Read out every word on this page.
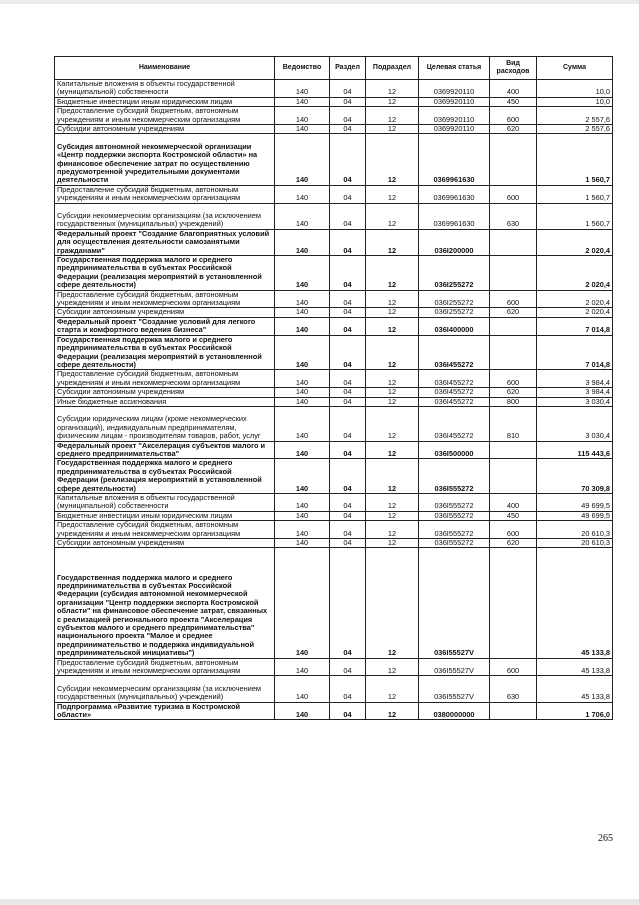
Наименование	Ведомство	Раздел	Подраздел	Целевая статья	Вид расходов	Сумма
Капитальные вложения в объекты государственной (муниципальной) собственности	140	04	12	0369920110	400	10,0
Бюджетные инвестиции иным юридическим лицам	140	04	12	0369920110	450	10,0
Предоставление субсидий бюджетным, автономным учреждениям и иным некоммерческим организациям	140	04	12	0369920110	600	2 557,6
Субсидии автономным учреждениям	140	04	12	0369920110	620	2 557,6
Субсидия автономной некоммерческой организации «Центр поддержки экспорта Костромской области» на финансовое обеспечение затрат по осуществлению предусмотренной учредительными документами деятельности	140	04	12	0369961630		1 560,7
Предоставление субсидий бюджетным, автономным учреждениям и иным некоммерческим организациям	140	04	12	0369961630	600	1 560,7
Субсидии некоммерческим организациям (за исключением государственных (муниципальных) учреждений)	140	04	12	0369961630	630	1 560,7
Федеральный проект "Создание благоприятных условий для осуществления деятельности самозанятыми гражданами"	140	04	12	036I200000		2 020,4
Государственная поддержка малого и среднего предпринимательства в субъектах Российской Федерации (реализация мероприятий в установленной сфере деятельности)	140	04	12	036I255272		2 020,4
Предоставление субсидий бюджетным, автономным учреждениям и иным некоммерческим организациям	140	04	12	036I255272	600	2 020,4
Субсидии автономным учреждениям	140	04	12	036I255272	620	2 020,4
Федеральный проект "Создание условий для легкого старта и комфортного ведения бизнеса"	140	04	12	036I400000		7 014,8
Государственная поддержка малого и среднего предпринимательства в субъектах Российской Федерации (реализация мероприятий в установленной сфере деятельности)	140	04	12	036I455272		7 014,8
Предоставление субсидий бюджетным, автономным учреждениям и иным некоммерческим организациям	140	04	12	036I455272	600	3 984,4
Субсидии автономным учреждениям	140	04	12	036I455272	620	3 984,4
Иные бюджетные ассигнования	140	04	12	036I455272	800	3 030,4
Субсидии юридическим лицам (кроме некоммерческих организаций), индивидуальным предпринимателям, физическим лицам - производителям товаров, работ, услуг	140	04	12	036I455272	810	3 030,4
Федеральный проект "Акселерация субъектов малого и среднего предпринимательства"	140	04	12	036I500000		115 443,6
Государственная поддержка малого и среднего предпринимательства в субъектах Российской Федерации (реализация мероприятий в установленной сфере деятельности)	140	04	12	036I555272		70 309,8
Капитальные вложения в объекты государственной (муниципальной) собственности	140	04	12	036I555272	400	49 699,5
Бюджетные инвестиции иным юридическим лицам	140	04	12	036I555272	450	49 699,5
Предоставление субсидий бюджетным, автономным учреждениям и иным некоммерческим организациям	140	04	12	036I555272	600	20 610,3
Субсидии автономным учреждениям	140	04	12	036I555272	620	20 610,3
Государственная поддержка малого и среднего предпринимательства в субъектах Российской Федерации (субсидия автономной некоммерческой организации "Центр поддержки экспорта Костромской области" на финансовое обеспечение затрат, связанных с реализацией регионального проекта "Акселерация субъектов малого и среднего предпринимательства" национального проекта "Малое и среднее предпринимательство и поддержка индивидуальной предпринимательской инициативы")	140	04	12	036I55527V		45 133,8
Предоставление субсидий бюджетным, автономным учреждениям и иным некоммерческим организациям	140	04	12	036I55527V	600	45 133,8
Субсидии некоммерческим организациям (за исключением государственных (муниципальных) учреждений)	140	04	12	036I55527V	630	45 133,8
Подпрограмма «Развитие туризма в Костромской области»	140	04	12	0380000000		1 706,0
265
